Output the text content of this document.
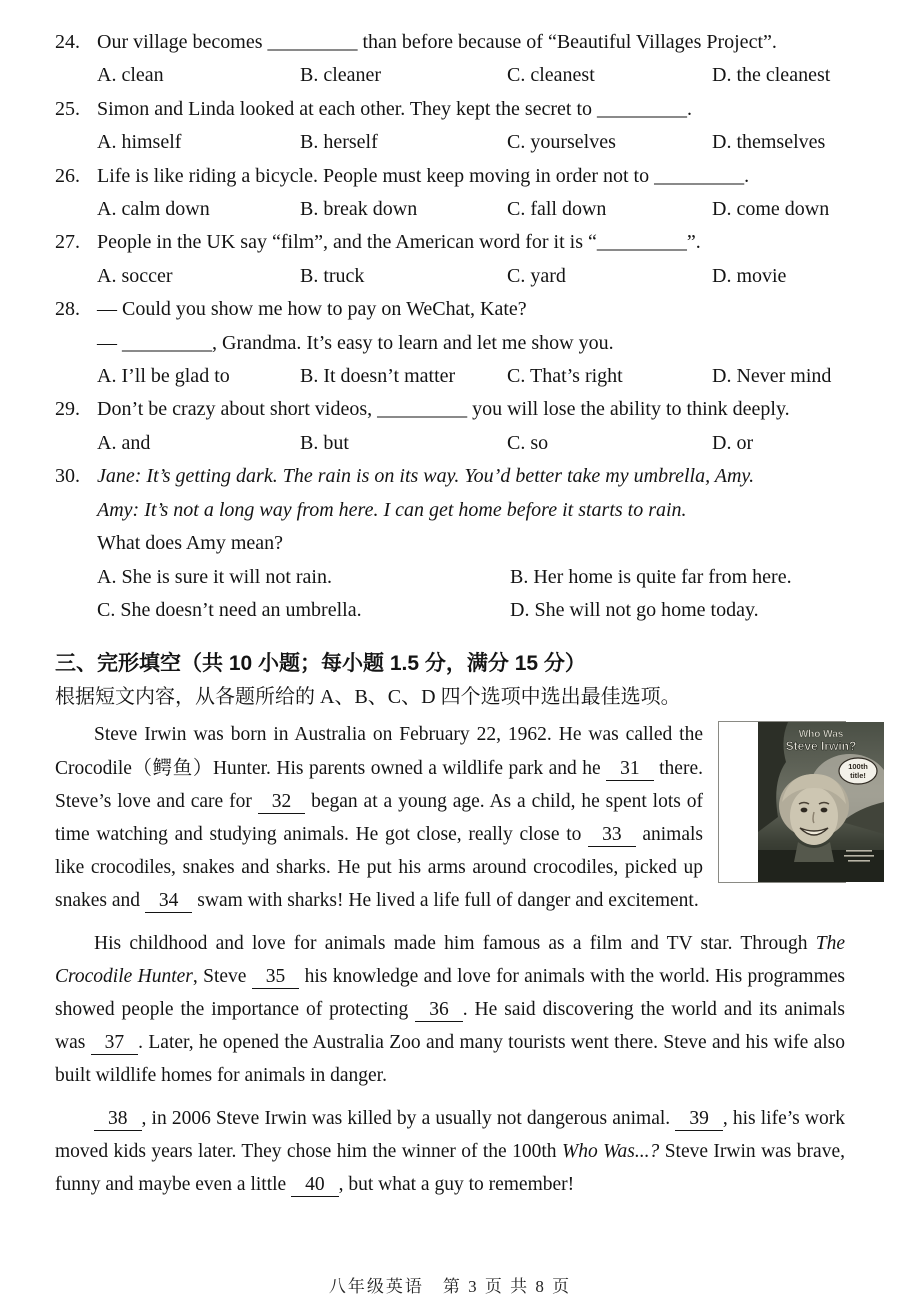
24. Our village becomes _________ than before because of “Beautiful Villages Project”.
A. clean	B. cleaner	C. cleanest	D. the cleanest
25. Simon and Linda looked at each other. They kept the secret to _________.
A. himself	B. herself	C. yourselves	D. themselves
26. Life is like riding a bicycle. People must keep moving in order not to _________.
A. calm down	B. break down	C. fall down	D. come down
27. People in the UK say “film”, and the American word for it is “_________”.
A. soccer	B. truck	C. yard	D. movie
28. — Could you show me how to pay on WeChat, Kate?
— _________, Grandma. It’s easy to learn and let me show you.
A. I’ll be glad to	B. It doesn’t matter	C. That’s right	D. Never mind
29. Don’t be crazy about short videos, _________ you will lose the ability to think deeply.
A. and	B. but	C. so	D. or
30. Jane: It’s getting dark. The rain is on its way. You’d better take my umbrella, Amy.
Amy: It’s not a long way from here. I can get home before it starts to rain.
What does Amy mean?
A. She is sure it will not rain.	B. Her home is quite far from here.
C. She doesn’t need an umbrella.	D. She will not go home today.
三、完形填空（共 10 小题；每小题 1.5 分，满分 15 分）
根据短文内容，从各题所给的 A、B、C、D 四个选项中选出最佳选项。

Who Was
Steve Irwin?
100th
title!
Steve Irwin was born in Australia on February 22, 1962. He was called the Crocodile（鳄鱼）Hunter. His parents owned a wildlife park and he 31 there. Steve’s love and care for 32 began at a young age. As a child, he spent lots of time watching and studying animals. He got close, really close to 33 animals like crocodiles, snakes and sharks. He put his arms around crocodiles, picked up snakes and 34 swam with sharks! He lived a life full of danger and excitement.

His childhood and love for animals made him famous as a film and TV star. Through The Crocodile Hunter, Steve 35 his knowledge and love for animals with the world. His programmes showed people the importance of protecting 36 . He said discovering the world and its animals was 37 . Later, he opened the Australia Zoo and many tourists went there. Steve and his wife also built wildlife homes for animals in danger.

38 , in 2006 Steve Irwin was killed by a usually not dangerous animal. 39 , his life’s work moved kids years later. They chose him the winner of the 100th Who Was...? Steve Irwin was brave, funny and maybe even a little 40 , but what a guy to remember!

八年级英语　第 3 页 共 8 页
